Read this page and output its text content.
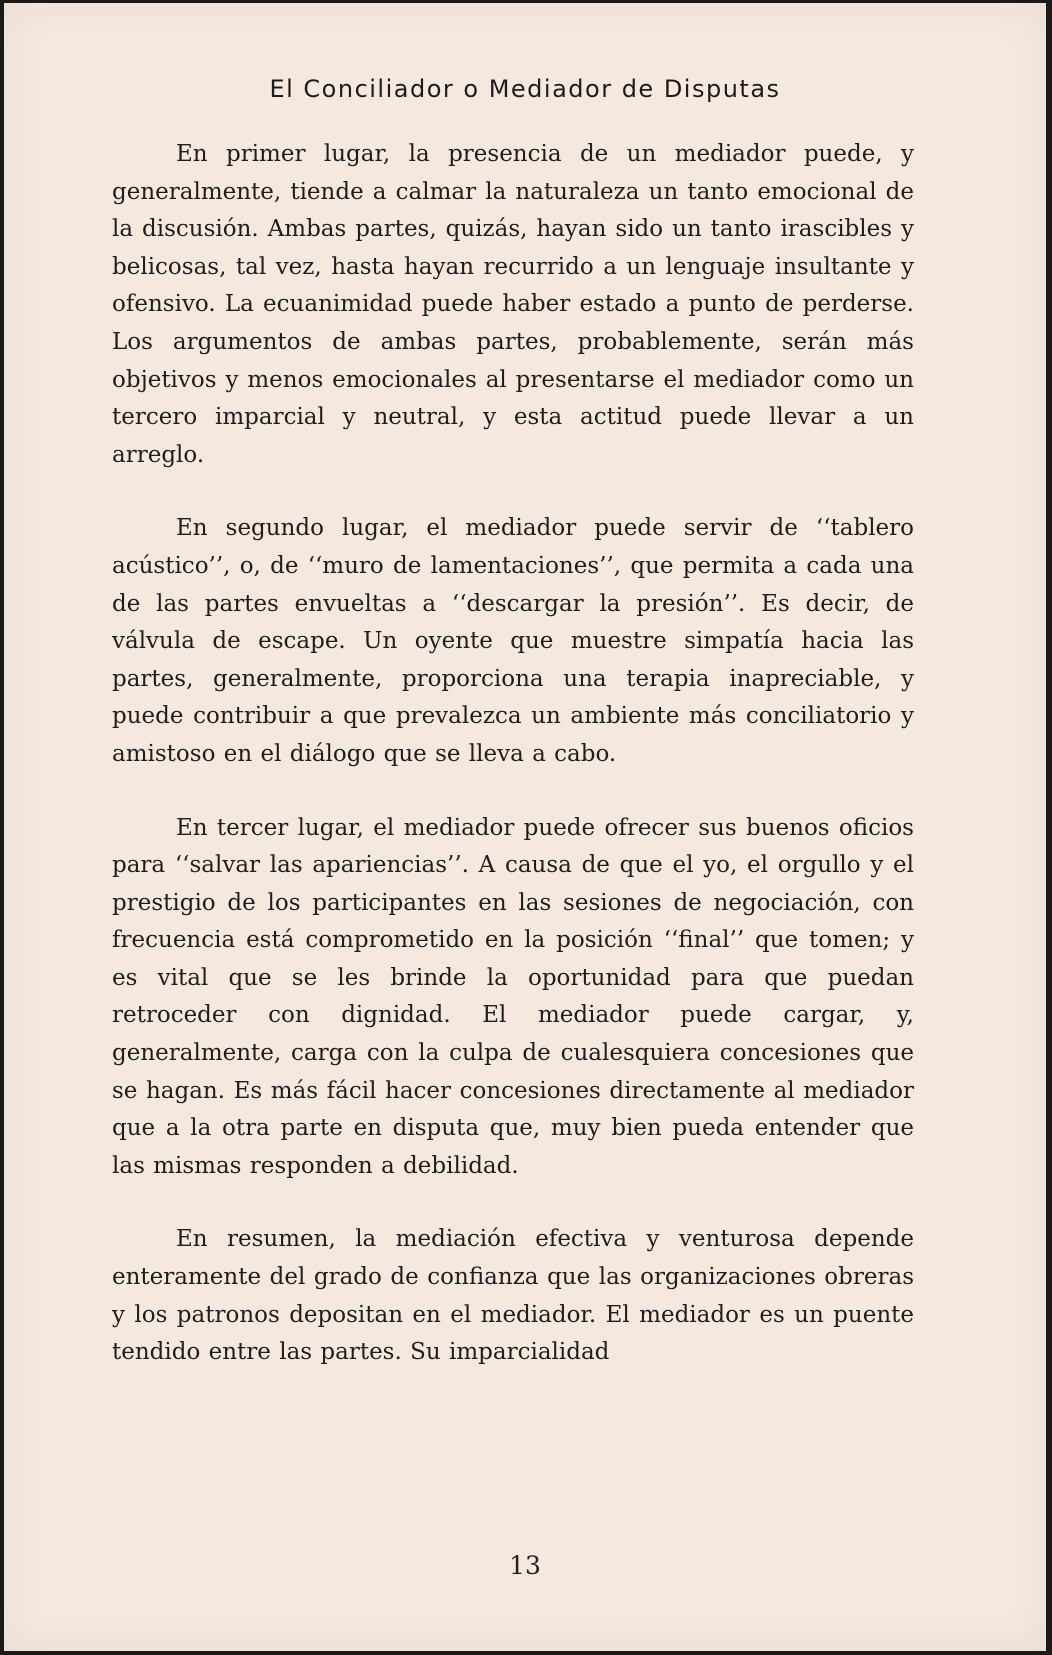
El Conciliador o Mediador de Disputas

En primer lugar, la presencia de un mediador puede, y generalmente, tiende a calmar la naturaleza un tanto emocional de la discusión. Ambas partes, quizás, hayan sido un tanto irascibles y belicosas, tal vez, hasta hayan recurrido a un lenguaje insultante y ofensivo. La ecuanimidad puede haber estado a punto de perderse. Los argumentos de ambas partes, probablemente, serán más objetivos y menos emocionales al presentarse el mediador como un tercero imparcial y neutral, y esta actitud puede llevar a un arreglo.

En segundo lugar, el mediador puede servir de ‘‘tablero acústico’’, o, de ‘‘muro de lamentaciones’’, que permita a cada una de las partes envueltas a ‘‘descargar la presión’’. Es decir, de válvula de escape. Un oyente que muestre simpatía hacia las partes, generalmente, proporciona una terapia inapreciable, y puede contribuir a que prevalezca un ambiente más conciliatorio y amistoso en el diálogo que se lleva a cabo.

En tercer lugar, el mediador puede ofrecer sus buenos oficios para ‘‘salvar las apariencias’’. A causa de que el yo, el orgullo y el prestigio de los participantes en las sesiones de negociación, con frecuencia está comprometido en la posición ‘‘final’’ que tomen; y es vital que se les brinde la oportunidad para que puedan retroceder con dignidad. El mediador puede cargar, y, generalmente, carga con la culpa de cualesquiera concesiones que se hagan. Es más fácil hacer concesiones directamente al mediador que a la otra parte en disputa que, muy bien pueda entender que las mismas responden a debilidad.

En resumen, la mediación efectiva y venturosa depende enteramente del grado de confianza que las organizaciones obreras y los patronos depositan en el mediador. El mediador es un puente tendido entre las partes. Su imparcialidad

13
